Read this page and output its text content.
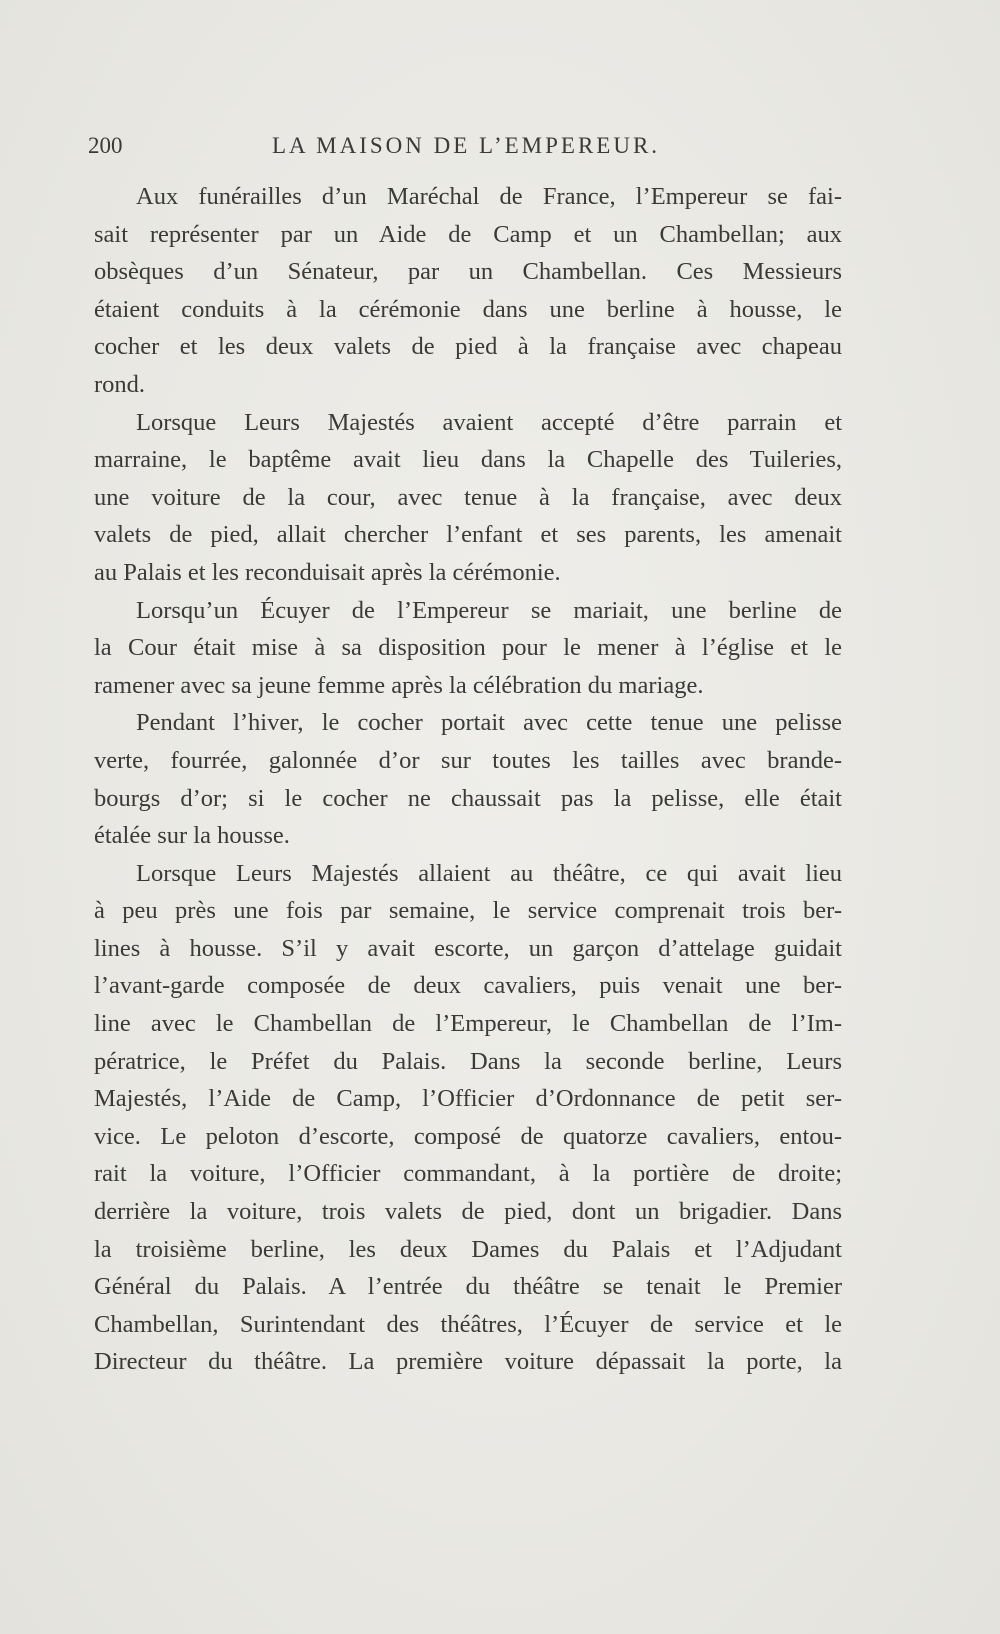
200	LA MAISON DE L’EMPEREUR.
Aux funérailles d’un Maréchal de France, l’Empereur se fai-
sait représenter par un Aide de Camp et un Chambellan; aux
obsèques d’un Sénateur, par un Chambellan. Ces Messieurs
étaient conduits à la cérémonie dans une berline à housse, le
cocher et les deux valets de pied à la française avec chapeau
rond.
Lorsque Leurs Majestés avaient accepté d’être parrain et
marraine, le baptême avait lieu dans la Chapelle des Tuileries,
une voiture de la cour, avec tenue à la française, avec deux
valets de pied, allait chercher l’enfant et ses parents, les amenait
au Palais et les reconduisait après la cérémonie.
Lorsqu’un Écuyer de l’Empereur se mariait, une berline de
la Cour était mise à sa disposition pour le mener à l’église et le
ramener avec sa jeune femme après la célébration du mariage.
Pendant l’hiver, le cocher portait avec cette tenue une pelisse
verte, fourrée, galonnée d’or sur toutes les tailles avec brande-
bourgs d’or; si le cocher ne chaussait pas la pelisse, elle était
étalée sur la housse.
Lorsque Leurs Majestés allaient au théâtre, ce qui avait lieu
à peu près une fois par semaine, le service comprenait trois ber-
lines à housse. S’il y avait escorte, un garçon d’attelage guidait
l’avant-garde composée de deux cavaliers, puis venait une ber-
line avec le Chambellan de l’Empereur, le Chambellan de l’Im-
pératrice, le Préfet du Palais. Dans la seconde berline, Leurs
Majestés, l’Aide de Camp, l’Officier d’Ordonnance de petit ser-
vice. Le peloton d’escorte, composé de quatorze cavaliers, entou-
rait la voiture, l’Officier commandant, à la portière de droite;
derrière la voiture, trois valets de pied, dont un brigadier. Dans
la troisième berline, les deux Dames du Palais et l’Adjudant
Général du Palais. A l’entrée du théâtre se tenait le Premier
Chambellan, Surintendant des théâtres, l’Écuyer de service et le
Directeur du théâtre. La première voiture dépassait la porte, la
